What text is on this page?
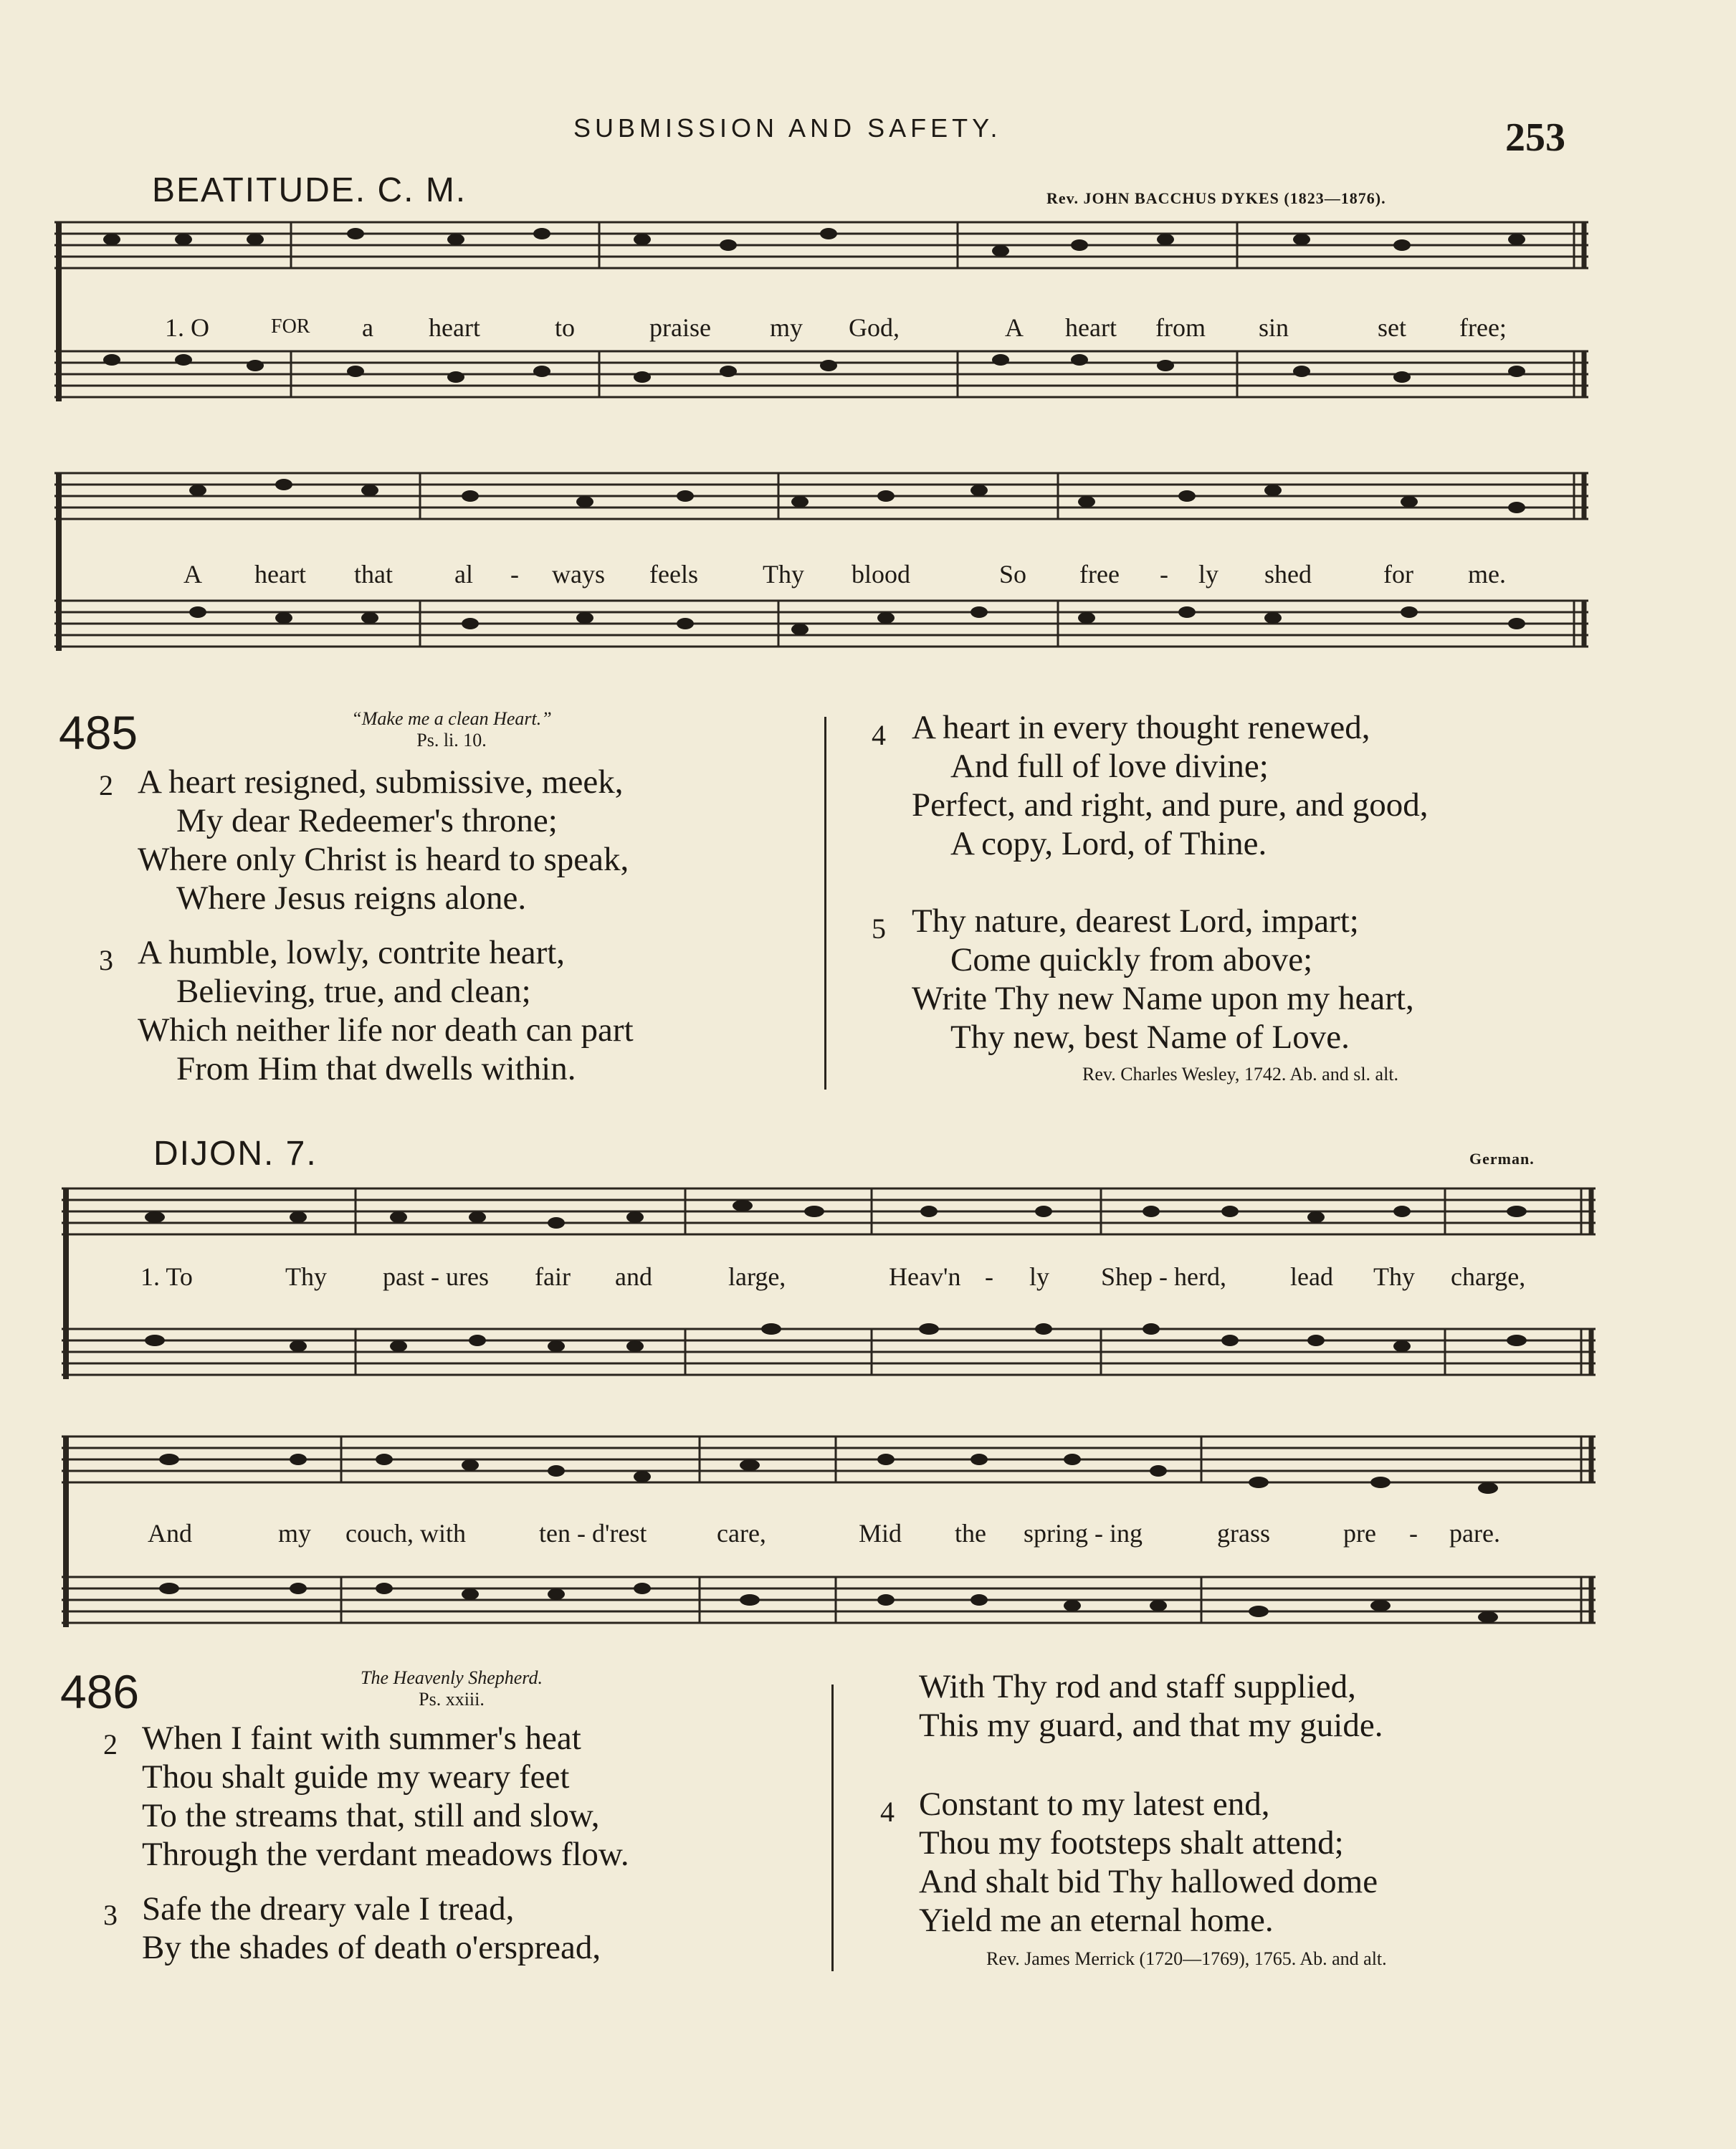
SUBMISSION AND SAFETY.	253
BEATITUDE. C. M.	Rev. JOHN BACCHUS DYKES (1823—1876).
1. O	FOR a heart	to	praise my God,	A heart from sin	set free;
A heart that al - ways feels	Thy blood	So free - ly shed	for me.
485	“Make me a clean Heart.”
Ps. li. 10.
2 A heart resigned, submissive, meek,
My dear Redeemer's throne;
Where only Christ is heard to speak,
Where Jesus reigns alone.
3 A humble, lowly, contrite heart,
Believing, true, and clean;
Which neither life nor death can part
From Him that dwells within.
4 A heart in every thought renewed,
And full of love divine;
Perfect, and right, and pure, and good,
A copy, Lord, of Thine.
5 Thy nature, dearest Lord, impart;
Come quickly from above;
Write Thy new Name upon my heart,
Thy new, best Name of Love.
Rev. Charles Wesley, 1742. Ab. and sl. alt.
DIJON. 7.	German.
1. To	Thy past - ures fair and	large,	Heav'n - ly Shep - herd, lead Thy charge,
And	my couch, with	ten - d'rest	care,	Mid the spring - ing	grass	pre - pare.
486	The Heavenly Shepherd.
Ps. xxiii.
2 When I faint with summer's heat
Thou shalt guide my weary feet
To the streams that, still and slow,
Through the verdant meadows flow.
3 Safe the dreary vale I tread,
By the shades of death o'erspread,
With Thy rod and staff supplied,
This my guard, and that my guide.
4 Constant to my latest end,
Thou my footsteps shalt attend;
And shalt bid Thy hallowed dome
Yield me an eternal home.
Rev. James Merrick (1720—1769), 1765. Ab. and alt.
